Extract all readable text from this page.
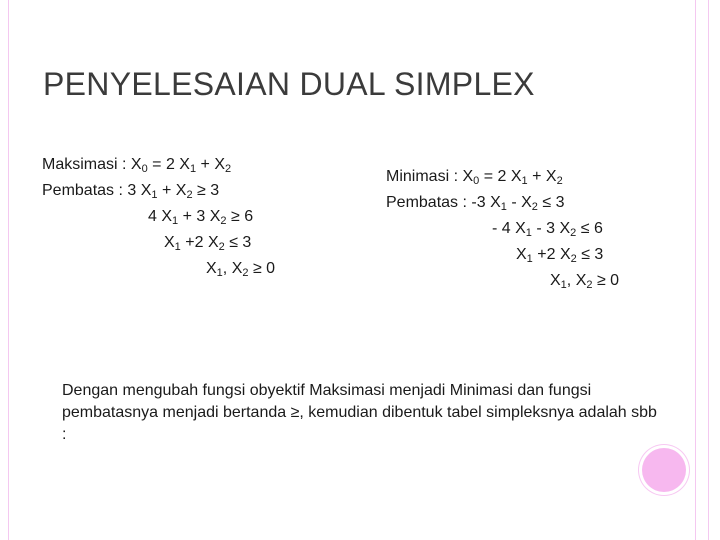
PENYELESAIAN DUAL SIMPLEX
Maksimasi : $X_0 = 2$ $X_1 + X_2$
Pembatas : 3 $X_1 + X_2 \ge 3$
4 $X_1 + 3$ $X_2 \ge 6$
$X_1 +2$ $X_2 \le 3$
$X_1$, $X_2 \ge 0$
Minimasi : $X_0 = 2$ $X_1 + X_2$
Pembatas : -3 $X_1 - X_2 \le 3$
- 4 $X_1 - 3$ $X_2 \le 6$
$X_1 +2$ $X_2 \le 3$
$X_1$, $X_2 \ge 0$

Dengan mengubah fungsi obyektif Maksimasi menjadi Minimasi dan fungsi pembatasnya menjadi bertanda ≥, kemudian dibentuk tabel simpleksnya adalah sbb :
